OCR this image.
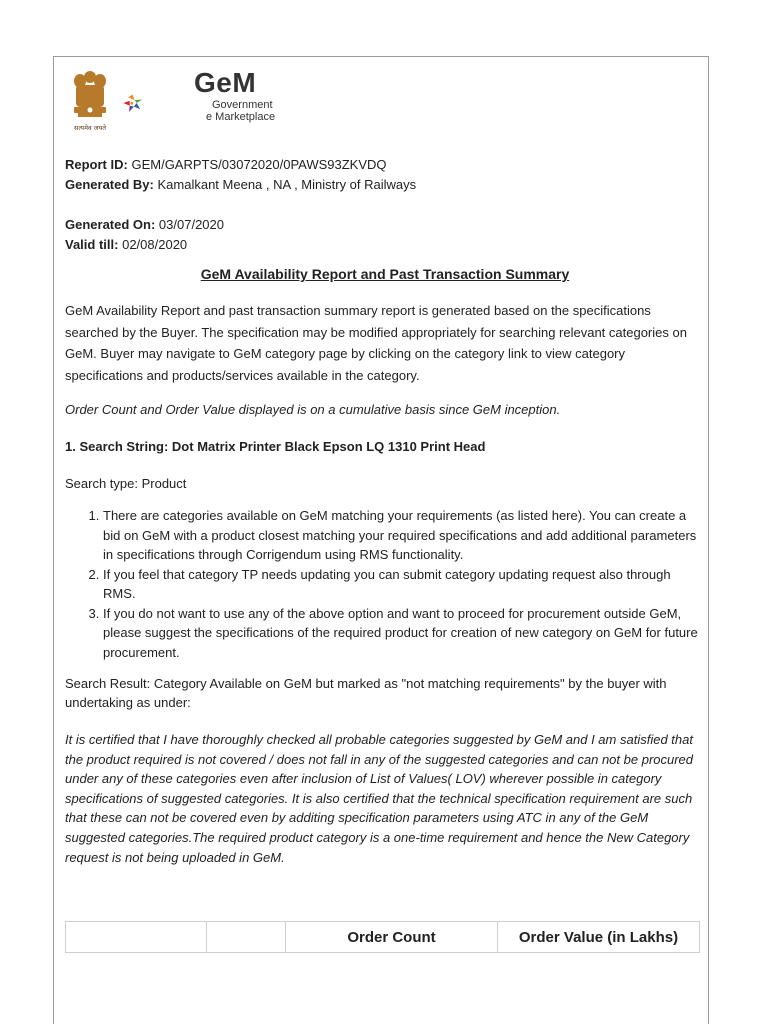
सत्यमेव जयते
GeM
Government
e Marketplace
Report ID: GEM/GARPTS/03072020/0PAWS93ZKVDQ
Generated By: Kamalkant Meena , NA , Ministry of Railways
Generated On: 03/07/2020
Valid till: 02/08/2020
GeM Availability Report and Past Transaction Summary

GeM Availability Report and past transaction summary report is generated based on the specifications searched by the Buyer. The specification may be modified appropriately for searching relevant categories on GeM. Buyer may navigate to GeM category page by clicking on the category link to view category specifications and products/services available in the category.

Order Count and Order Value displayed is on a cumulative basis since GeM inception.

1. Search String: Dot Matrix Printer Black Epson LQ 1310 Print Head

Search type: Product

1. There are categories available on GeM matching your requirements (as listed here). You can create a bid on GeM with a product closest matching your required specifications and add additional parameters in specifications through Corrigendum using RMS functionality.
2. If you feel that category TP needs updating you can submit category updating request also through RMS.
3. If you do not want to use any of the above option and want to proceed for procurement outside GeM, please suggest the specifications of the required product for creation of new category on GeM for future procurement.

Search Result: Category Available on GeM but marked as "not matching requirements" by the buyer with undertaking as under:

It is certified that I have thoroughly checked all probable categories suggested by GeM and I am satisfied that the product required is not covered / does not fall in any of the suggested categories and can not be procured under any of these categories even after inclusion of List of Values( LOV) wherever possible in category specifications of suggested categories. It is also certified that the technical specification requirement are such that these can not be covered even by additing specification parameters using ATC in any of the GeM suggested categories.The required product category is a one-time requirement and hence the New Category request is not being uploaded in GeM.

		Order Count	Order Value (in Lakhs)
